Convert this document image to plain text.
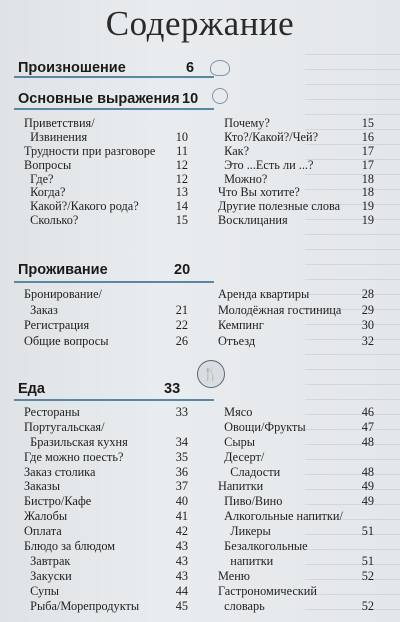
Содержание
Произношение	6
Основные выражения 10
Приветствия/
Извинения	10
Трудности при разговоре	11
Вопросы	12
Где?	12
Когда?	13
Какой?/Какого рода?	14
Сколько?	15
Почему?	15
Кто?/Какой?/Чей?	16
Как?	17
Это ...Есть ли ...?	17
Можно?	18
Что Вы хотите?	18
Другие полезные слова	19
Восклицания	19
Проживание	20
Бронирование/
Заказ	21
Регистрация	22
Общие вопросы	26
Аренда квартиры	28
Молодёжная гостиница	29
Кемпинг	30
Отъезд	32
🍴
Еда	33
Рестораны	33
Португальская/
Бразильская кухня	34
Где можно поесть?	35
Заказ столика	36
Заказы	37
Бистро/Кафе	40
Жалобы	41
Оплата	42
Блюдо за блюдом	43
Завтрак	43
Закуски	43
Супы	44
Рыба/Морепродукты	45
Мясо	46
Овощи/Фрукты	47
Сыры	48
Десерт/
Сладости	48
Напитки	49
Пиво/Вино	49
Алкогольные напитки/
Ликеры	51
Безалкогольные
напитки	51
Меню	52
Гастрономический
словарь	52
